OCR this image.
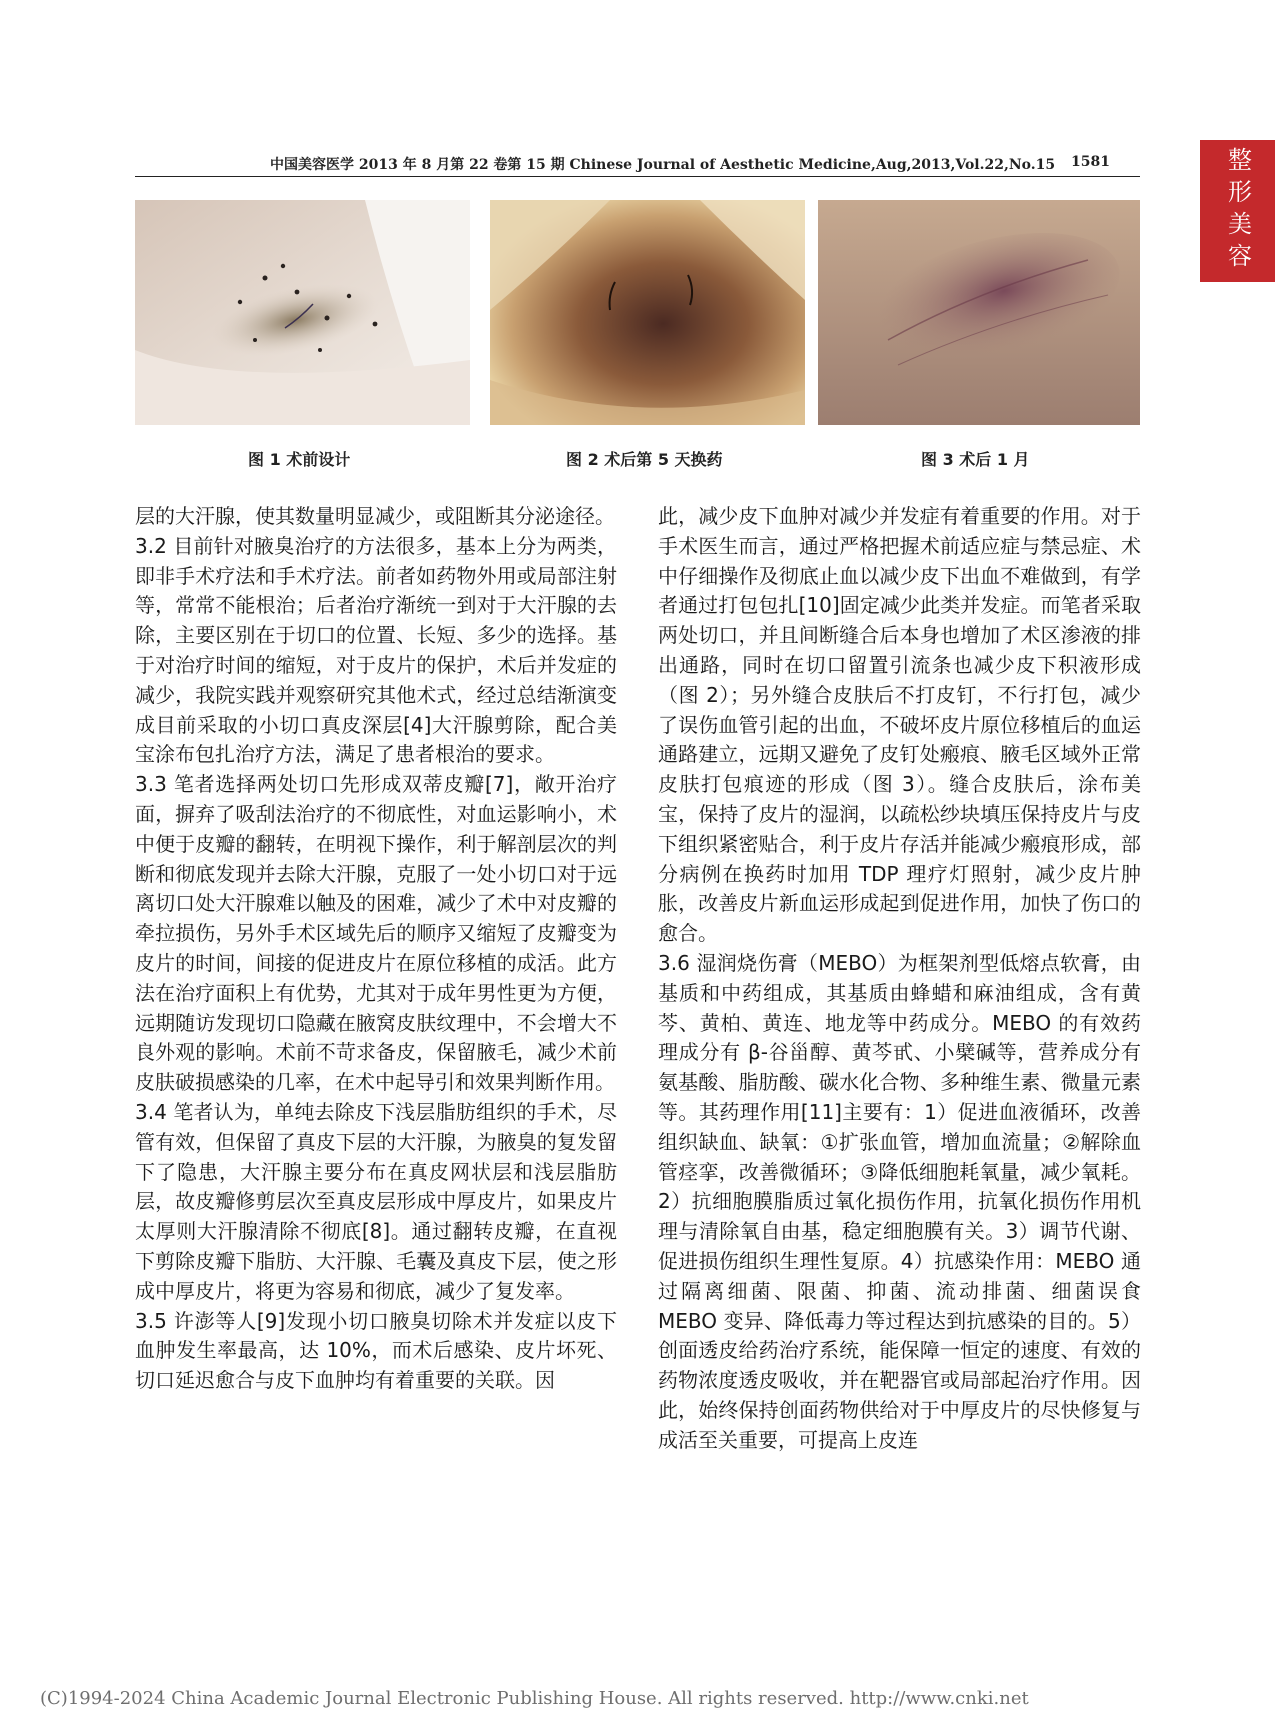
中国美容医学 2013 年 8 月第 22 卷第 15 期 Chinese Journal of Aesthetic Medicine,Aug,2013,Vol.22,No.15 1581	整形美容
图 1 术前设计	图 2 术后第 5 天换药	图 3 术后 1 月

层的大汗腺，使其数量明显减少，或阻断其分泌途径。

3.2 目前针对腋臭治疗的方法很多，基本上分为两类，即非手术疗法和手术疗法。前者如药物外用或局部注射等，常常不能根治；后者治疗渐统一到对于大汗腺的去除，主要区别在于切口的位置、长短、多少的选择。基于对治疗时间的缩短，对于皮片的保护，术后并发症的减少，我院实践并观察研究其他术式，经过总结渐演变成目前采取的小切口真皮深层[4]大汗腺剪除，配合美宝涂布包扎治疗方法，满足了患者根治的要求。

3.3 笔者选择两处切口先形成双蒂皮瓣[7]，敞开治疗面，摒弃了吸刮法治疗的不彻底性，对血运影响小，术中便于皮瓣的翻转，在明视下操作，利于解剖层次的判断和彻底发现并去除大汗腺，克服了一处小切口对于远离切口处大汗腺难以触及的困难，减少了术中对皮瓣的牵拉损伤，另外手术区域先后的顺序又缩短了皮瓣变为皮片的时间，间接的促进皮片在原位移植的成活。此方法在治疗面积上有优势，尤其对于成年男性更为方便，远期随访发现切口隐藏在腋窝皮肤纹理中，不会增大不良外观的影响。术前不苛求备皮，保留腋毛，减少术前皮肤破损感染的几率，在术中起导引和效果判断作用。

3.4 笔者认为，单纯去除皮下浅层脂肪组织的手术，尽管有效，但保留了真皮下层的大汗腺，为腋臭的复发留下了隐患，大汗腺主要分布在真皮网状层和浅层脂肪层，故皮瓣修剪层次至真皮层形成中厚皮片，如果皮片太厚则大汗腺清除不彻底[8]。通过翻转皮瓣，在直视下剪除皮瓣下脂肪、大汗腺、毛囊及真皮下层，使之形成中厚皮片，将更为容易和彻底，减少了复发率。

3.5 许澎等人[9]发现小切口腋臭切除术并发症以皮下血肿发生率最高，达 10%，而术后感染、皮片坏死、切口延迟愈合与皮下血肿均有着重要的关联。因

此，减少皮下血肿对减少并发症有着重要的作用。对于手术医生而言，通过严格把握术前适应症与禁忌症、术中仔细操作及彻底止血以减少皮下出血不难做到，有学者通过打包包扎[10]固定减少此类并发症。而笔者采取两处切口，并且间断缝合后本身也增加了术区渗液的排出通路，同时在切口留置引流条也减少皮下积液形成（图 2）；另外缝合皮肤后不打皮钉，不行打包，减少了误伤血管引起的出血，不破坏皮片原位移植后的血运通路建立，远期又避免了皮钉处瘢痕、腋毛区域外正常皮肤打包痕迹的形成（图 3）。缝合皮肤后，涂布美宝，保持了皮片的湿润，以疏松纱块填压保持皮片与皮下组织紧密贴合，利于皮片存活并能减少瘢痕形成，部分病例在换药时加用 TDP 理疗灯照射，减少皮片肿胀，改善皮片新血运形成起到促进作用，加快了伤口的愈合。

3.6 湿润烧伤膏（MEBO）为框架剂型低熔点软膏，由基质和中药组成，其基质由蜂蜡和麻油组成，含有黄芩、黄柏、黄连、地龙等中药成分。MEBO 的有效药理成分有 β-谷甾醇、黄芩甙、小檗碱等，营养成分有氨基酸、脂肪酸、碳水化合物、多种维生素、微量元素等。其药理作用[11]主要有：1）促进血液循环，改善组织缺血、缺氧：①扩张血管，增加血流量；②解除血管痉挛，改善微循环；③降低细胞耗氧量，减少氧耗。2）抗细胞膜脂质过氧化损伤作用，抗氧化损伤作用机理与清除氧自由基，稳定细胞膜有关。3）调节代谢、促进损伤组织生理性复原。4）抗感染作用：MEBO 通过隔离细菌、限菌、抑菌、流动排菌、细菌误食 MEBO 变异、降低毒力等过程达到抗感染的目的。5）创面透皮给药治疗系统，能保障一恒定的速度、有效的药物浓度透皮吸收，并在靶器官或局部起治疗作用。因此，始终保持创面药物供给对于中厚皮片的尽快修复与成活至关重要，可提高上皮连

(C)1994-2024 China Academic Journal Electronic Publishing House. All rights reserved. http://www.cnki.net
